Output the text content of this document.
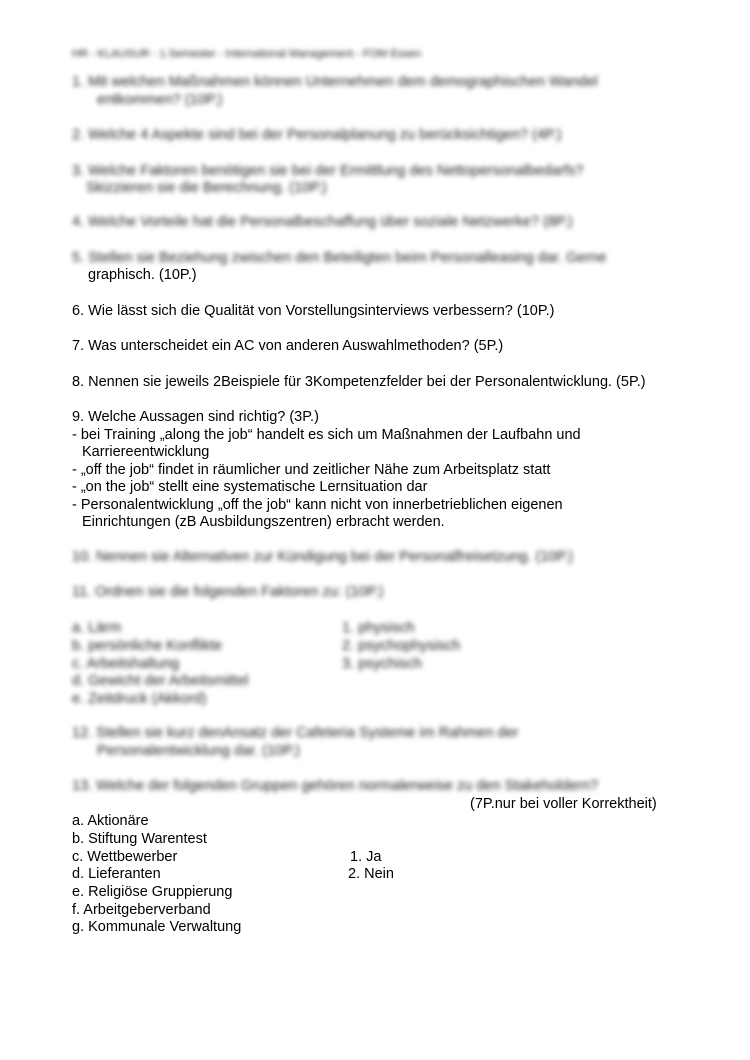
HR - KLAUSUR - 1.Semester - International Management - FOM Essen
1. Mit welchen Maßnahmen können Unternehmen dem demographischen Wandel
entkommen? (10P.)
2. Welche 4 Aspekte sind bei der Personalplanung zu berücksichtigen? (4P.)
3. Welche Faktoren benötigen sie bei der Ermittlung des Nettopersonalbedarfs?
Skizzieren sie die Berechnung. (10P.)
4. Welche Vorteile hat die Personalbeschaffung über soziale Netzwerke? (8P.)
5. Stellen sie Beziehung zwischen den Beteiligten beim Personalleasing dar. Gerne
graphisch. (10P.)
6. Wie lässt sich die Qualität von Vorstellungsinterviews verbessern? (10P.)
7. Was unterscheidet ein AC von anderen Auswahlmethoden? (5P.)
8. Nennen sie jeweils 2Beispiele für 3Kompetenzfelder bei der Personalentwicklung. (5P.)
9. Welche Aussagen sind richtig? (3P.)
- bei Training „along the job“ handelt es sich um Maßnahmen der Laufbahn und
Karriereentwicklung
- „off the job“ findet in räumlicher und zeitlicher Nähe zum Arbeitsplatz statt
- „on the job“ stellt eine systematische Lernsituation dar
- Personalentwicklung „off the job“ kann nicht von innerbetrieblichen eigenen
Einrichtungen (zB Ausbildungszentren) erbracht werden.
10. Nennen sie Alternativen zur Kündigung bei der Personalfreisetzung. (10P.)
11. Ordnen sie die folgenden Faktoren zu: (10P.)
a. Lärm
b. persönliche Konflikte
c. Arbeitshaltung
d. Gewicht der Arbeitsmittel
e. Zeitdruck (Akkord)
1. physisch
2. psychophysisch
3. psychisch
12. Stellen sie kurz denAnsatz der Cafeteria Systeme im Rahmen der
Personalentwicklung dar. (10P.)
13. Welche der folgenden Gruppen gehören normalerweise zu den Stakeholdern?
(7P.nur bei voller Korrektheit)
a. Aktionäre
b. Stiftung Warentest
c. Wettbewerber
d. Lieferanten
e. Religiöse Gruppierung
f. Arbeitgeberverband
g. Kommunale Verwaltung
1. Ja
2. Nein
